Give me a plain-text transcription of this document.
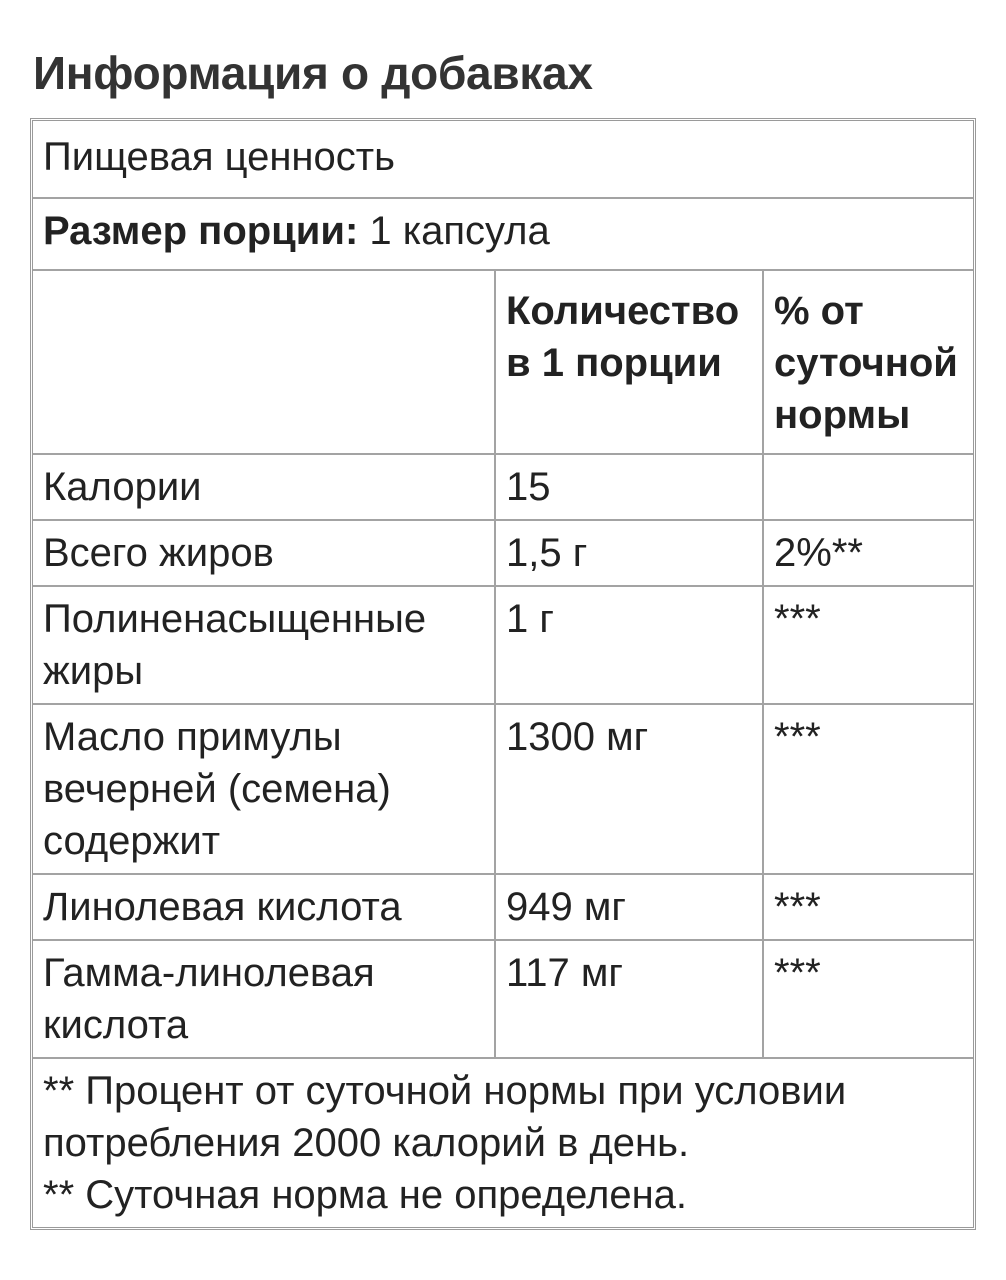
Информация о добавках
Пищевая ценность		
Размер порции: 1 капсула		
	Количество в 1 порции	% от суточной нормы
Калории	15	
Всего жиров	1,5 г	2%**
Полиненасыщенные жиры	1 г	***
Масло примулы вечерней (семена) содержит	1300 мг	***
Линолевая кислота	949 мг	***
Гамма-линолевая кислота	117 мг	***

** Процент от суточной нормы при условии потребления 2000 калорий в день.
** Суточная норма не определена.		
